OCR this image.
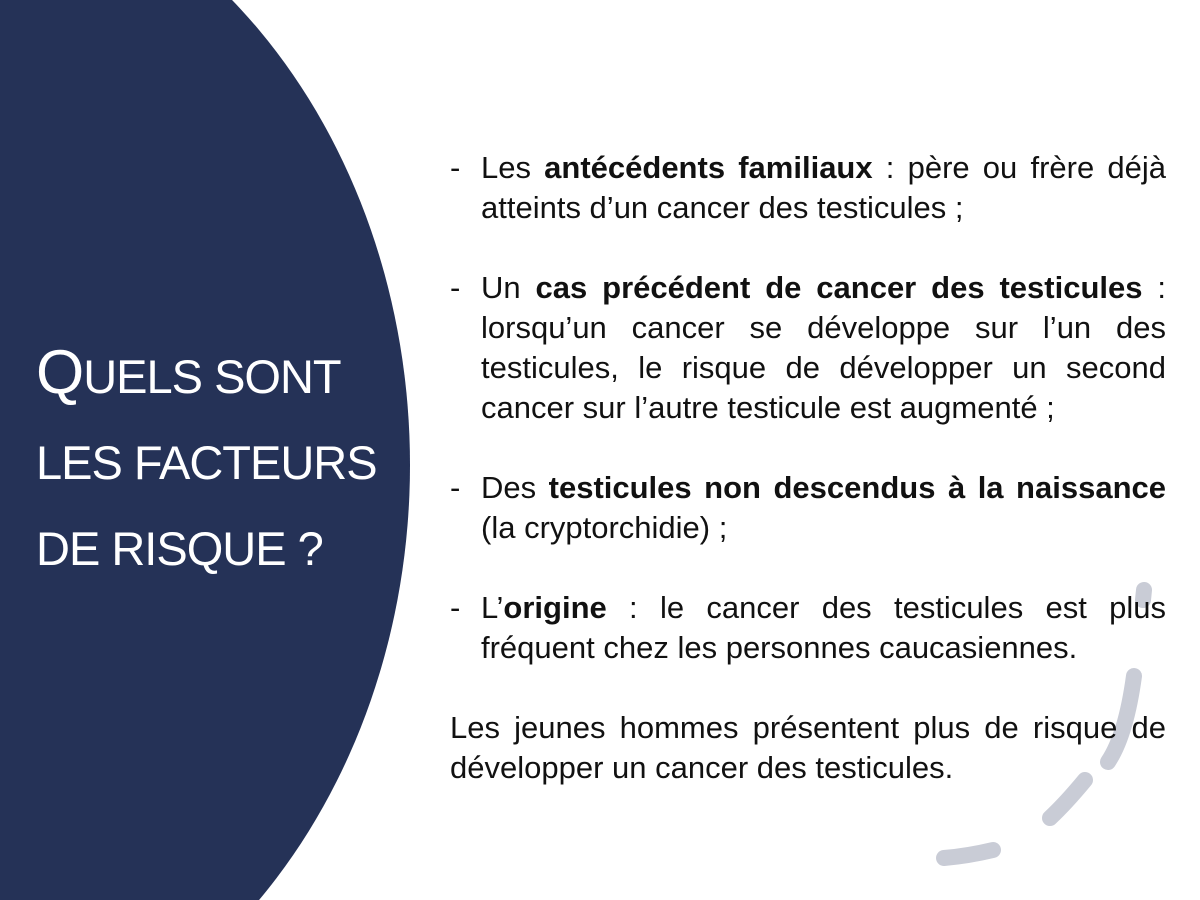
QUELS SONT
LES FACTEURS
DE RISQUE ?
- Les antécédents familiaux : père ou frère déjà atteints d’un cancer des testicules ;
- Un cas précédent de cancer des testicules : lorsqu’un cancer se développe sur l’un des testicules, le risque de développer un second cancer sur l’autre testicule est augmenté ;
- Des testicules non descendus à la naissance (la cryptorchidie) ;
- L’origine : le cancer des testicules est plus fréquent chez les personnes caucasiennes.

Les jeunes hommes présentent plus de risque de développer un cancer des testicules.
